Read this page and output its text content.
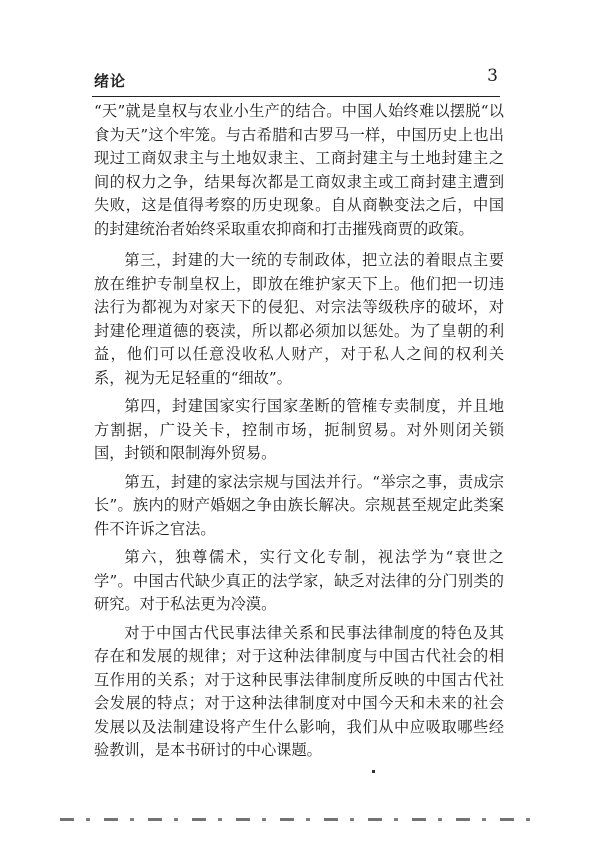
绪论	3

“天”就是皇权与农业小生产的结合。中国人始终难以摆脱“以食为天”这个牢笼。与古希腊和古罗马一样，中国历史上也出现过工商奴隶主与土地奴隶主、工商封建主与土地封建主之间的权力之争，结果每次都是工商奴隶主或工商封建主遭到失败，这是值得考察的历史现象。自从商鞅变法之后，中国的封建统治者始终采取重农抑商和打击摧残商贾的政策。

第三，封建的大一统的专制政体，把立法的着眼点主要放在维护专制皇权上，即放在维护家天下上。他们把一切违法行为都视为对家天下的侵犯、对宗法等级秩序的破坏，对封建伦理道德的亵渎，所以都必须加以惩处。为了皇朝的利益，他们可以任意没收私人财产，对于私人之间的权利关系，视为无足轻重的“细故”。

第四，封建国家实行国家垄断的管榷专卖制度，并且地方割据，广设关卡，控制市场，扼制贸易。对外则闭关锁国，封锁和限制海外贸易。

第五，封建的家法宗规与国法并行。“举宗之事，责成宗长”。族内的财产婚姻之争由族长解决。宗规甚至规定此类案件不许诉之官法。

第六，独尊儒术，实行文化专制，视法学为“衰世之学”。中国古代缺少真正的法学家，缺乏对法律的分门别类的研究。对于私法更为冷漠。

对于中国古代民事法律关系和民事法律制度的特色及其存在和发展的规律；对于这种法律制度与中国古代社会的相互作用的关系；对于这种民事法律制度所反映的中国古代社会发展的特点；对于这种法律制度对中国今天和未来的社会发展以及法制建设将产生什么影响，我们从中应吸取哪些经验教训，是本书研讨的中心课题。
